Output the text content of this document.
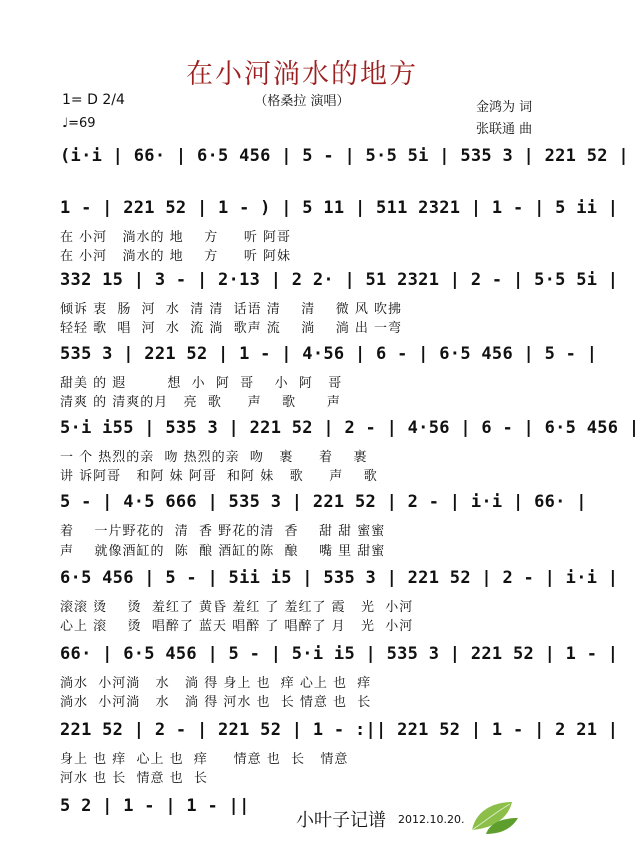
在小河淌水的地方
（格桑拉 演唱）
1= D 2/4
♩=69
金鸿为 词
张联通 曲
(i·i | 66· | 6·5 456 | 5 - | 5·5 5i | 535 3 | 221 52 |
1 - | 221 52 | 1 - ) | 5 11 | 511 2321 | 1 - | 5 ii |
在 小河   淌水的 地    方     听 阿哥
在 小河   淌水的 地    方     听 阿妹
332 15 | 3 - | 2·13 | 2 2· | 51 2321 | 2 - | 5·5 5i |
倾诉 衷  肠  河  水  清 清  话语 清    清    微 风 吹拂
轻轻 歌  唱  河  水  流 淌  歌声 流    淌    淌 出 一弯
535 3 | 221 52 | 1 - | 4·56 | 6 - | 6·5 456 | 5 - |
甜美 的 遐        想  小  阿  哥    小  阿   哥
清爽 的 清爽的月   亮  歌     声    歌      声
5·i i55 | 535 3 | 221 52 | 2 - | 4·56 | 6 - | 6·5 456 |
一 个 热烈的亲  吻 热烈的亲  吻   裹     着    裹
讲 诉阿哥   和阿 妹 阿哥  和阿 妹   歌     声    歌
5 - | 4·5 666 | 535 3 | 221 52 | 2 - | i·i | 66· |
着    一片野花的  清  香 野花的清  香    甜 甜 蜜蜜
声    就像酒缸的  陈  酿 酒缸的陈  酿    嘴 里 甜蜜
6·5 456 | 5 - | 5ii i5 | 535 3 | 221 52 | 2 - | i·i |
滚滚 烫    烫  羞红了 黄昏 羞红 了 羞红了 霞   光  小河
心上 滚    烫  唱醉了 蓝天 唱醉 了 唱醉了 月   光  小河
66· | 6·5 456 | 5 - | 5·i i5 | 535 3 | 221 52 | 1 - |
淌水  小河淌   水   淌 得 身上 也  痒 心上 也  痒
淌水  小河淌   水   淌 得 河水 也  长 情意 也  长
221 52 | 2 - | 221 52 | 1 - :|| 221 52 | 1 - | 2 21 |
身上 也 痒  心上 也  痒     情意 也  长   情意
河水 也 长  情意 也  长
5 2 | 1 - | 1 - ||
小叶子记谱 2012.10.20.
